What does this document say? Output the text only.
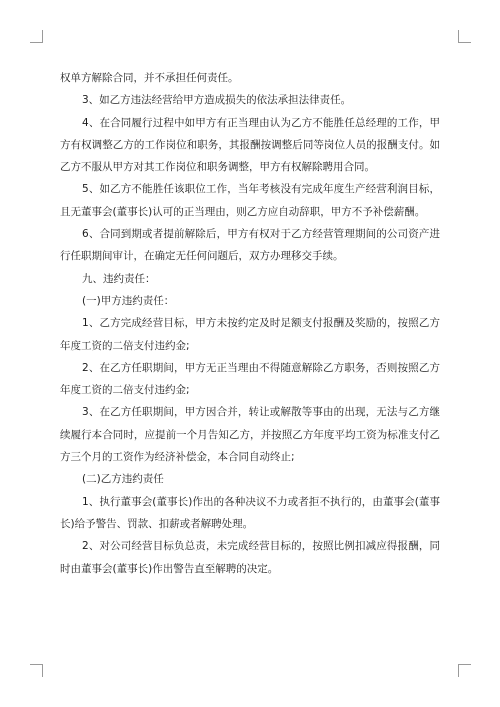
权单方解除合同，并不承担任何责任。

3、如乙方违法经营给甲方造成损失的依法承担法律责任。

4、在合同履行过程中如甲方有正当理由认为乙方不能胜任总经理的工作，甲方有权调整乙方的工作岗位和职务，其报酬按调整后同等岗位人员的报酬支付。如乙方不服从甲方对其工作岗位和职务调整，甲方有权解除聘用合同。

5、如乙方不能胜任该职位工作，当年考核没有完成年度生产经营利润目标，且无董事会(董事长)认可的正当理由，则乙方应自动辞职，甲方不予补偿薪酬。

6、合同到期或者提前解除后，甲方有权对于乙方经营管理期间的公司资产进行任职期间审计，在确定无任何问题后，双方办理移交手续。

九、违约责任：

(一)甲方违约责任：

1、乙方完成经营目标，甲方未按约定及时足额支付报酬及奖励的，按照乙方年度工资的二倍支付违约金;

2、在乙方任职期间，甲方无正当理由不得随意解除乙方职务，否则按照乙方年度工资的二倍支付违约金;

3、在乙方任职期间，甲方因合并，转让或解散等事由的出现，无法与乙方继续履行本合同时，应提前一个月告知乙方，并按照乙方年度平均工资为标准支付乙方三个月的工资作为经济补偿金，本合同自动终止;

(二)乙方违约责任

1、执行董事会(董事长)作出的各种决议不力或者拒不执行的，由董事会(董事长)给予警告、罚款、扣薪或者解聘处理。

2、对公司经营目标负总责，未完成经营目标的，按照比例扣减应得报酬，同时由董事会(董事长)作出警告直至解聘的决定。
